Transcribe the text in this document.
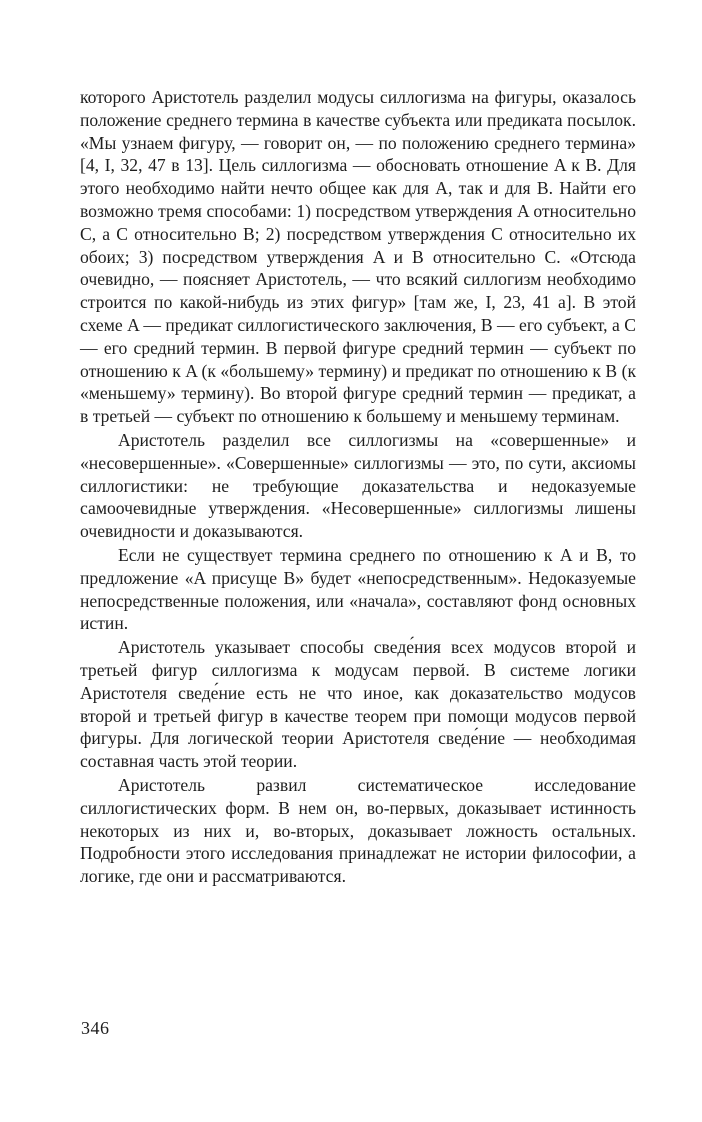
которого Аристотель разделил модусы силлогизма на фигуры, оказалось положение среднего термина в качестве субъекта или предиката посылок. «Мы узнаем фигуру, — говорит он, — по положению среднего термина» [4, I, 32, 47 в 13]. Цель силлогизма — обосновать отношение A к B. Для этого необходимо найти нечто общее как для A, так и для B. Найти его возможно тремя способами: 1) посредством утверждения A относительно C, а C относительно B; 2) посредством утверждения C относительно их обоих; 3) посредством утверждения A и B относительно C. «Отсюда очевидно, — поясняет Аристотель, — что всякий силлогизм необходимо строится по какой-нибудь из этих фигур» [там же, I, 23, 41 а]. В этой схеме A — предикат силлогистического заключения, B — его субъект, а C — его средний термин. В первой фигуре средний термин — субъект по отношению к A (к «большему» термину) и предикат по отношению к B (к «меньшему» термину). Во второй фигуре средний термин — предикат, а в третьей — субъект по отношению к большему и меньшему терминам.

Аристотель разделил все силлогизмы на «совершенные» и «несовершенные». «Совершенные» силлогизмы — это, по сути, аксиомы силлогистики: не требующие доказательства и недоказуемые самоочевидные утверждения. «Несовершенные» силлогизмы лишены очевидности и доказываются.

Если не существует термина среднего по отношению к A и B, то предложение «A присуще B» будет «непосредственным». Недоказуемые непосредственные положения, или «начала», составляют фонд основных истин.

Аристотель указывает способы сведе́ния всех модусов второй и третьей фигур силлогизма к модусам первой. В системе логики Аристотеля сведе́ние есть не что иное, как доказательство модусов второй и третьей фигур в качестве теорем при помощи модусов первой фигуры. Для логической теории Аристотеля сведе́ние — необходимая составная часть этой теории.

Аристотель развил систематическое исследование силлогистических форм. В нем он, во-первых, доказывает истинность некоторых из них и, во-вторых, доказывает ложность остальных. Подробности этого исследования принадлежат не истории философии, а логике, где они и рассматриваются.

346
